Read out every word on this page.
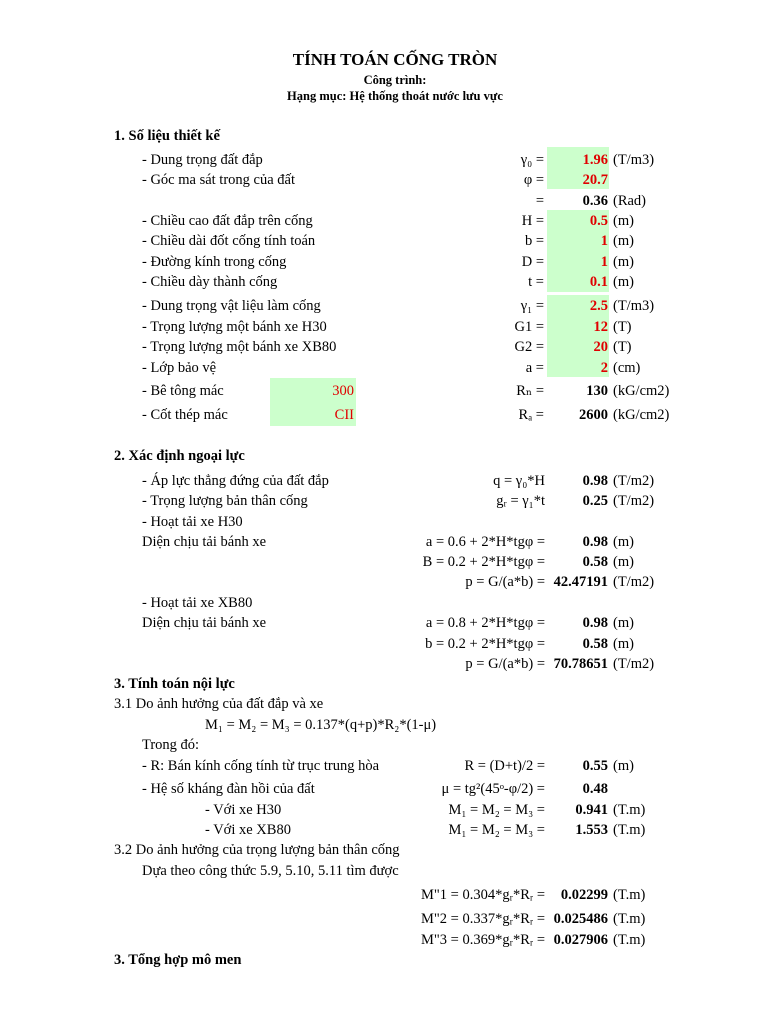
TÍNH TOÁN CỐNG TRÒN
Công trình:
Hạng mục: Hệ thống thoát nước lưu vực
1. Số liệu thiết kế
- Dung trọng đất đắp	γ₀ =	1.96 (T/m3)
- Góc ma sát trong của đất	φ =	20.7
=	0.36 (Rad)
- Chiều cao đất đắp trên cống	H =	0.5 (m)
- Chiều dài đốt cống tính toán	b =	1 (m)
- Đường kính trong cống	D =	1 (m)
- Chiều dày thành cống	t =	0.1 (m)
- Dung trọng vật liệu làm cống	γ₁ =	2.5 (T/m3)
- Trọng lượng một bánh xe H30	G1 =	12 (T)
- Trọng lượng một bánh xe XB80	G2 =	20 (T)
- Lớp bảo vệ	a =	2 (cm)
- Bê tông mác	300	Rₙ =	130 (kG/cm2)
- Cốt thép mác	CII	Rₐ =	2600 (kG/cm2)
2. Xác định ngoại lực
- Áp lực thẳng đứng của đất đắp	q = γ₀*H	0.98 (T/m2)
- Trọng lượng bản thân cống	gᵣ = γ₁*t	0.25 (T/m2)
- Hoạt tải xe H30
Diện chịu tải bánh xe	a = 0.6 + 2*H*tgφ =	0.98 (m)
B = 0.2 + 2*H*tgφ =	0.58 (m)
p = G/(a*b) = 42.47191 (T/m2)
- Hoạt tải xe XB80
Diện chịu tải bánh xe	a = 0.8 + 2*H*tgφ =	0.98 (m)
b = 0.2 + 2*H*tgφ =	0.58 (m)
p = G/(a*b) = 70.78651 (T/m2)
3. Tính toán nội lực
3.1 Do ảnh hưởng của đất đắp và xe
M₁ = M₂ = M₃ = 0.137*(q+p)*R₂*(1-μ)
Trong đó:
- R: Bán kính cống tính từ trục trung hòa	R = (D+t)/2 =	0.55 (m)
- Hệ số kháng đàn hồi của đất	μ = tg²(45ᵒ-φ/2) =	0.48
- Với xe H30	M₁ = M₂ = M₃ =	0.941 (T.m)
- Với xe XB80	M₁ = M₂ = M₃ =	1.553 (T.m)
3.2 Do ảnh hưởng của trọng lượng bản thân cống
Dựa theo công thức 5.9, 5.10, 5.11 tìm được
M"1 = 0.304*gᵣ*Rᵣ =	0.02299 (T.m)
M"2 = 0.337*gᵣ*Rᵣ = 0.025486 (T.m)
M"3 = 0.369*gᵣ*Rᵣ = 0.027906 (T.m)
3. Tổng hợp mô men
